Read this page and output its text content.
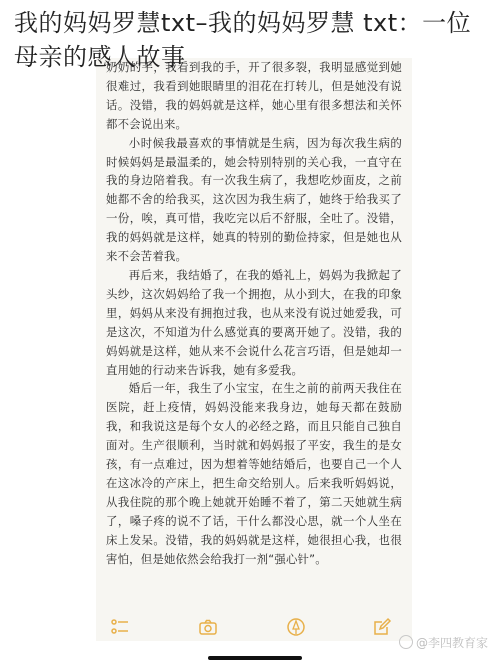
我的妈妈罗慧txt–我的妈妈罗慧 txt：一位母亲的感人故事

奶奶的手，我看到我的手，开了很多裂，我明显感觉到她很难过，我看到她眼睛里的泪花在打转儿，但是她没有说话。没错，我的妈妈就是这样，她心里有很多想法和关怀都不会说出来。

小时候我最喜欢的事情就是生病，因为每次我生病的时候妈妈是最温柔的，她会特别特别的关心我，一直守在我的身边陪着我。有一次我生病了，我想吃炒面皮，之前她都不舍的给我买，这次因为我生病了，她终于给我买了一份，唉，真可惜，我吃完以后不舒服，全吐了。没错，我的妈妈就是这样，她真的特别的勤俭持家，但是她也从来不会苦着我。

再后来，我结婚了，在我的婚礼上，妈妈为我掀起了头纱，这次妈妈给了我一个拥抱，从小到大，在我的印象里，妈妈从来没有拥抱过我，也从来没有说过她爱我，可是这次，不知道为什么感觉真的要离开她了。没错，我的妈妈就是这样，她从来不会说什么花言巧语，但是她却一直用她的行动来告诉我，她有多爱我。

婚后一年，我生了小宝宝，在生之前的前两天我住在医院，赶上疫情，妈妈没能来我身边，她每天都在鼓励我，和我说这是每个女人的必经之路，而且只能自己独自面对。生产很顺利，当时就和妈妈报了平安，我生的是女孩，有一点难过，因为想着等她结婚后，也要自己一个人在这冰冷的产床上，把生命交给别人。后来我听妈妈说，从我住院的那个晚上她就开始睡不着了，第二天她就生病了，嗓子疼的说不了话，干什么都没心思，就一个人坐在床上发呆。没错，我的妈妈就是这样，她很担心我，也很害怕，但是她依然会给我打一剂“强心针”。

@李四教育家
